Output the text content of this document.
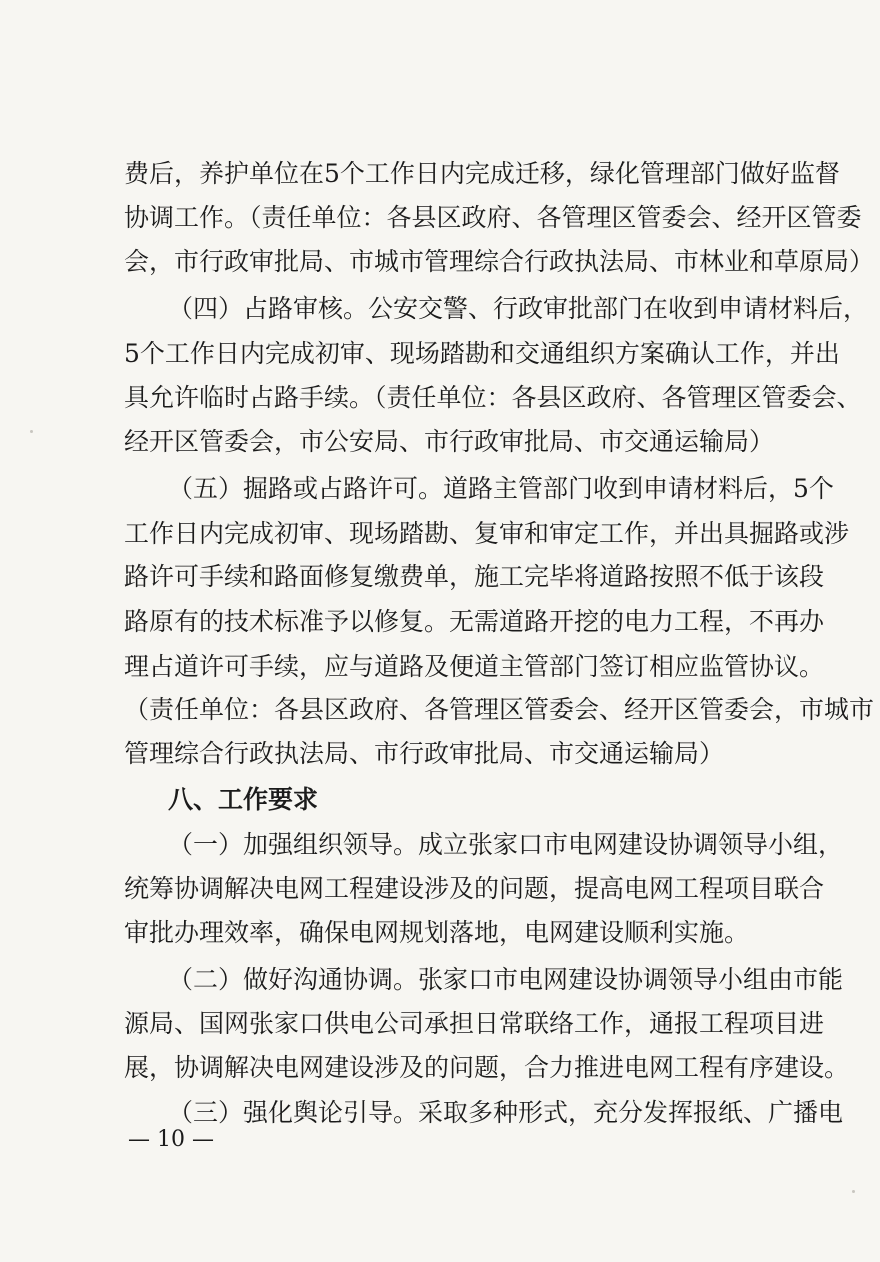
费后，养护单位在5个工作日内完成迁移，绿化管理部门做好监督
协调工作。（责任单位：各县区政府、各管理区管委会、经开区管委
会，市行政审批局、市城市管理综合行政执法局、市林业和草原局）
（四）占路审核。公安交警、行政审批部门在收到申请材料后，
5个工作日内完成初审、现场踏勘和交通组织方案确认工作，并出
具允许临时占路手续。（责任单位：各县区政府、各管理区管委会、
经开区管委会，市公安局、市行政审批局、市交通运输局）
（五）掘路或占路许可。道路主管部门收到申请材料后，5个
工作日内完成初审、现场踏勘、复审和审定工作，并出具掘路或涉
路许可手续和路面修复缴费单，施工完毕将道路按照不低于该段
路原有的技术标准予以修复。无需道路开挖的电力工程，不再办
理占道许可手续，应与道路及便道主管部门签订相应监管协议。
（责任单位：各县区政府、各管理区管委会、经开区管委会，市城市
管理综合行政执法局、市行政审批局、市交通运输局）
八、工作要求
（一）加强组织领导。成立张家口市电网建设协调领导小组，
统筹协调解决电网工程建设涉及的问题，提高电网工程项目联合
审批办理效率，确保电网规划落地，电网建设顺利实施。
（二）做好沟通协调。张家口市电网建设协调领导小组由市能
源局、国网张家口供电公司承担日常联络工作，通报工程项目进
展，协调解决电网建设涉及的问题，合力推进电网工程有序建设。
（三）强化舆论引导。采取多种形式，充分发挥报纸、广播电
— 10 —
